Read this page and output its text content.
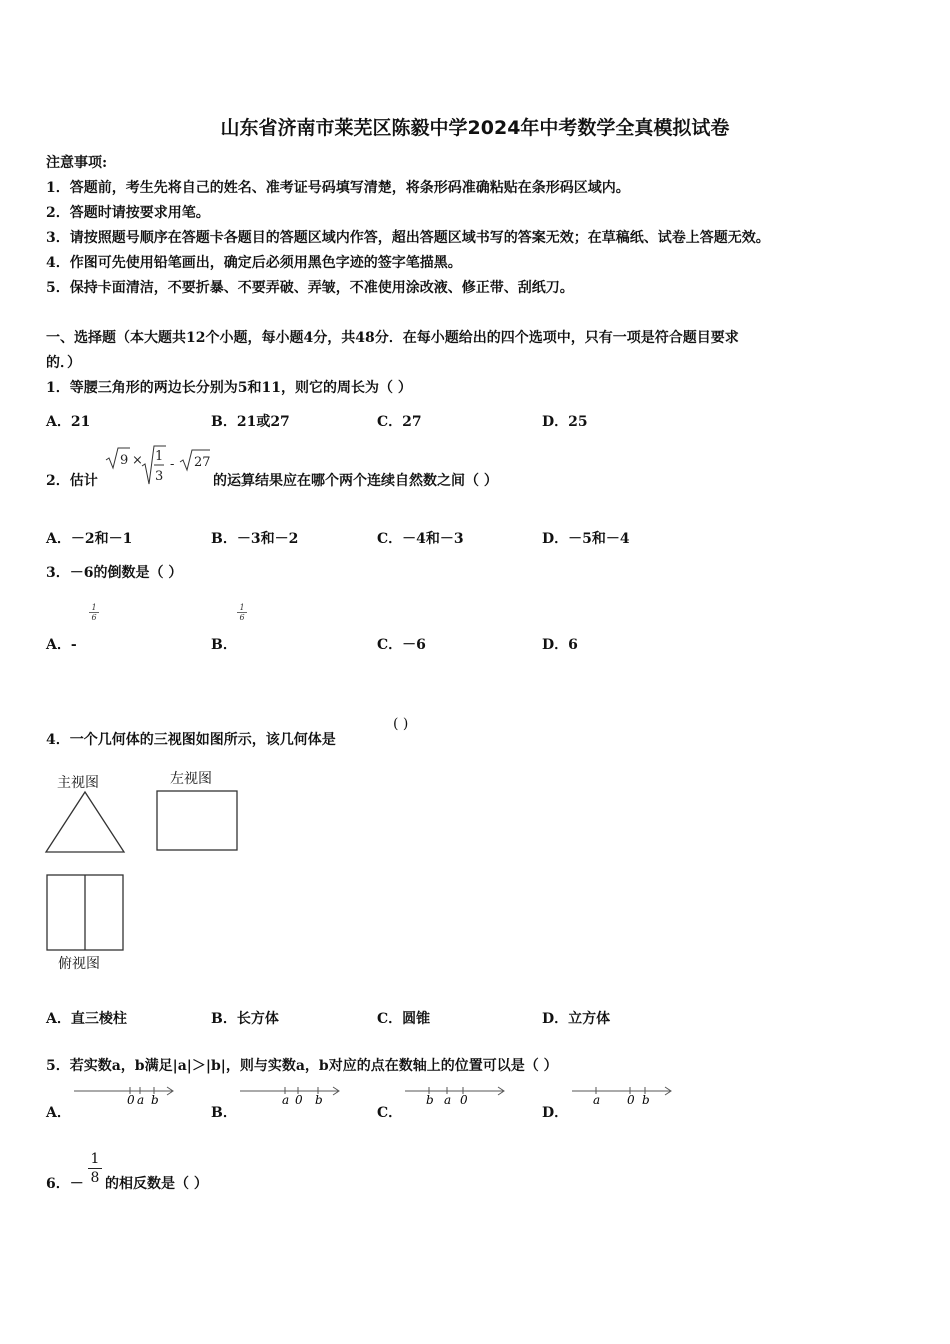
山东省济南市莱芜区陈毅中学2024年中考数学全真模拟试卷
注意事项:
1．答题前，考生先将自己的姓名、准考证号码填写清楚，将条形码准确粘贴在条形码区域内。
2．答题时请按要求用笔。
3．请按照题号顺序在答题卡各题目的答题区域内作答，超出答题区域书写的答案无效；在草稿纸、试卷上答题无效。
4．作图可先使用铅笔画出，确定后必须用黑色字迹的签字笔描黑。
5．保持卡面清洁，不要折暴、不要弄破、弄皱，不准使用涂改液、修正带、刮纸刀。
一、选择题（本大题共12个小题，每小题4分，共48分．在每小题给出的四个选项中，只有一项是符合题目要求
的．）
1．等腰三角形的两边长分别为5和11，则它的周长为（ ）
A．21	B．21或27	C．27	D．25
2．估计
9 × 1
3
- 27
的运算结果应在哪个两个连续自然数之间（ ）
A．－2和－1	B．－3和－2	C．－4和－3	D．－5和－4
3．－6的倒数是（ ）
$\frac{1}{6}$	$\frac{1}{6}$
A．-	B．	C．－6	D．6
4．一个几何体的三视图如图所示，该几何体是
( )
主视图	左视图
俯视图
A．直三棱柱	B．长方体	C．圆锥	D．立方体
5．若实数a，b满足|a|＞|b|，则与实数a，b对应的点在数轴上的位置可以是（ ）
A．	B．	C．	D．
0 a b	a 0 b	b a 0	a 0 b
6．－ $\frac{1}{8}$ 的相反数是（ ）
